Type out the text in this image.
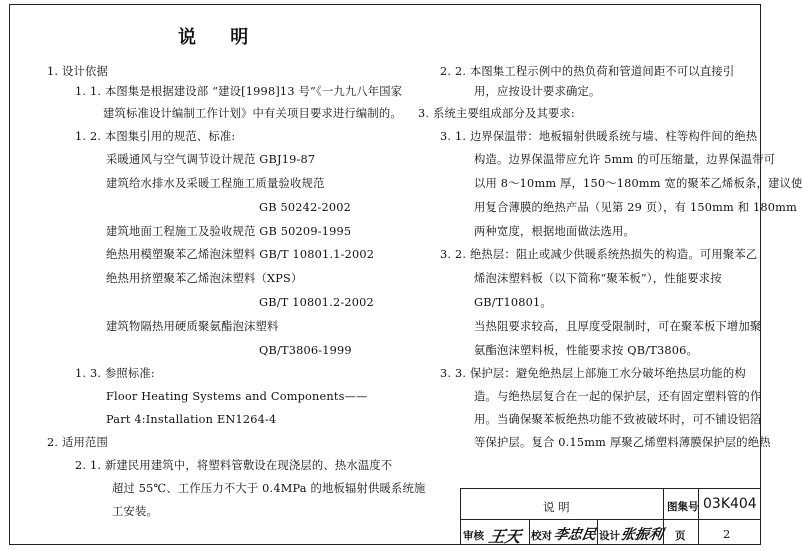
说 明
1. 设计依据
1. 1. 本图集是根据建设部 “建设[1998]13 号”《一九九八年国家
建筑标准设计编制工作计划》中有关项目要求进行编制的。
1. 2. 本图集引用的规范、标准:
采暖通风与空气调节设计规范 GBJ19-87
建筑给水排水及采暖工程施工质量验收规范
GB 50242-2002
建筑地面工程施工及验收规范 GB 50209-1995
绝热用模塑聚苯乙烯泡沫塑料 GB/T 10801.1-2002
绝热用挤塑聚苯乙烯泡沫塑料（XPS）
GB/T 10801.2-2002
建筑物隔热用硬质聚氨酯泡沫塑料
QB/T3806-1999
1. 3. 参照标准:
Floor Heating Systems and Components——
Part 4:Installation EN1264-4
2. 适用范围
2. 1. 新建民用建筑中，将塑料管敷设在现浇层的、热水温度不
超过 55℃、工作压力不大于 0.4MPa 的地板辐射供暖系统施
工安装。
2. 2. 本图集工程示例中的热负荷和管道间距不可以直接引
用，应按设计要求确定。
3. 系统主要组成部分及其要求:
3. 1. 边界保温带：地板辐射供暖系统与墙、柱等构件间的绝热
构造。边界保温带应允许 5mm 的可压缩量，边界保温带可
以用 8～10mm 厚，150～180mm 宽的聚苯乙烯板条，建议使
用复合薄膜的绝热产品（见第 29 页），有 150mm 和 180mm
两种宽度，根据地面做法选用。
3. 2. 绝热层：阻止或减少供暖系统热损失的构造。可用聚苯乙
烯泡沫塑料板（以下简称“聚苯板”），性能要求按
GB/T10801。
当热阻要求较高，且厚度受限制时，可在聚苯板下增加聚
氨酯泡沫塑料板，性能要求按 QB/T3806。
3. 3. 保护层：避免绝热层上部施工水分破坏绝热层功能的构
造。与绝热层复合在一起的保护层，还有固定塑料管的作
用。当确保聚苯板绝热功能不致被破坏时，可不铺设铝箔
等保护层。复合 0.15mm 厚聚乙烯塑料薄膜保护层的绝热
说 明	图集号 03K404
审核 王天 校对 李忠民 设计 张振利 页	2
